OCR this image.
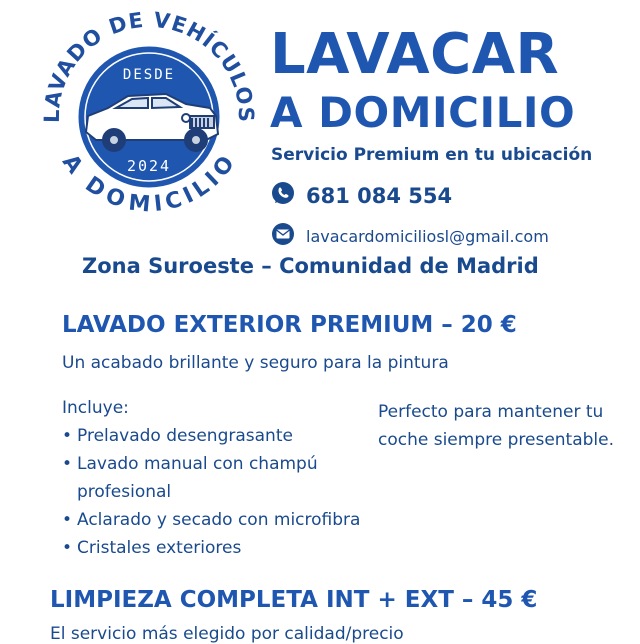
LAVADO DE VEHÍCULOS
A DOMICILIO
DESDE
2024
LAVACAR
A DOMICILIO
Servicio Premium en tu ubicación
681 084 554
lavacardomiciliosl@gmail.com
Zona Suroeste – Comunidad de Madrid
LAVADO EXTERIOR PREMIUM – 20 €
Un acabado brillante y seguro para la pintura
Incluye:
• Prelavado desengrasante
• Lavado manual con champú profesional
• Aclarado y secado con microfibra
• Cristales exteriores
Perfecto para mantener tu coche siempre presentable.
LIMPIEZA COMPLETA INT + EXT – 45 €
El servicio más elegido por calidad/precio
